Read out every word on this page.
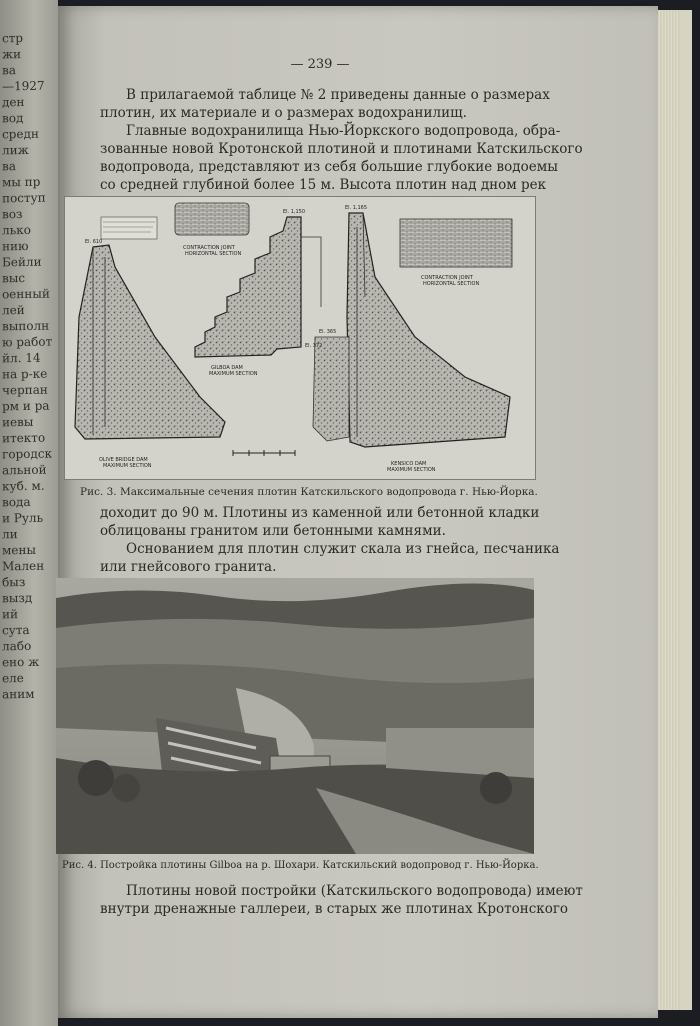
стр
жи
ва
—1927
ден
вод
средн
лиж
ва
мы пр
поступ
воз
лько
нию
Бейли
выс
оенный
лей
выполн
ю работ
йл. 14
на р-ке
черпан
рм и ра
иевы
итекто
городск
альной
куб. м.
вода
и Руль
ли
мены
Мален
быз
вызд
ий
сута
лабо
ено ж
еле
аним
— 239 —
В прилагаемой таблице № 2 приведены данные о размерах
плотин, их материале и о размерах водохранилищ.
Главные водохранилища Нью-Йоркского водопровода, обра-
зованные новой Кротонской плотиной и плотинами Катскильского
водопровода, представляют из себя большие глубокие водоемы
со средней глубиной более 15 м. Высота плотин над дном рек
OLIVE BRIDGE DAM
MAXIMUM SECTION
GILBOA DAM
MAXIMUM SECTION
KENSICO DAM
MAXIMUM SECTION
CONTRACTION JOINT
HORIZONTAL SECTION
CONTRACTION JOINT
HORIZONTAL SECTION
El. 610
El. 1,150
El. 372
El. 1,165
El. 365
Рис. 3. Максимальные сечения плотин Катскильского водопровода г. Нью-Йорка.
доходит до 90 м. Плотины из каменной или бетонной кладки
облицованы гранитом или бетонными камнями.
Основанием для плотин служит скала из гнейса, песчаника
или гнейсового гранита.
Рис. 4. Постройка плотины Gilboa на р. Шохари. Катскильский водопровод г. Нью-Йорка.
Плотины новой постройки (Катскильского водопровода) имеют
внутри дренажные галлереи, в старых же плотинах Кротонского
